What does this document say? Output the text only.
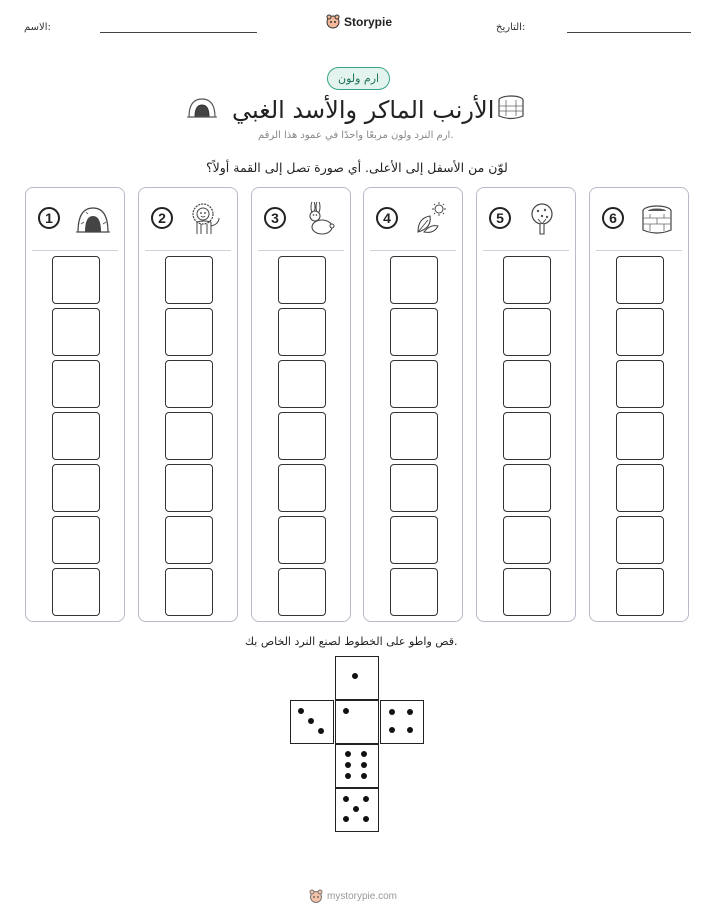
الاسم:	Storypie	التاريخ:
ارم ولون
الأرنب الماكر والأسد الغبي
ارم النرد ولون مربعًا واحدًا في عمود هذا الرقم.
لوّن من الأسفل إلى الأعلى. أي صورة تصل إلى القمة أولاً؟
1	2	3	4	5	6
قص واطو على الخطوط لصنع النرد الخاص بك.
mystorypie.com
